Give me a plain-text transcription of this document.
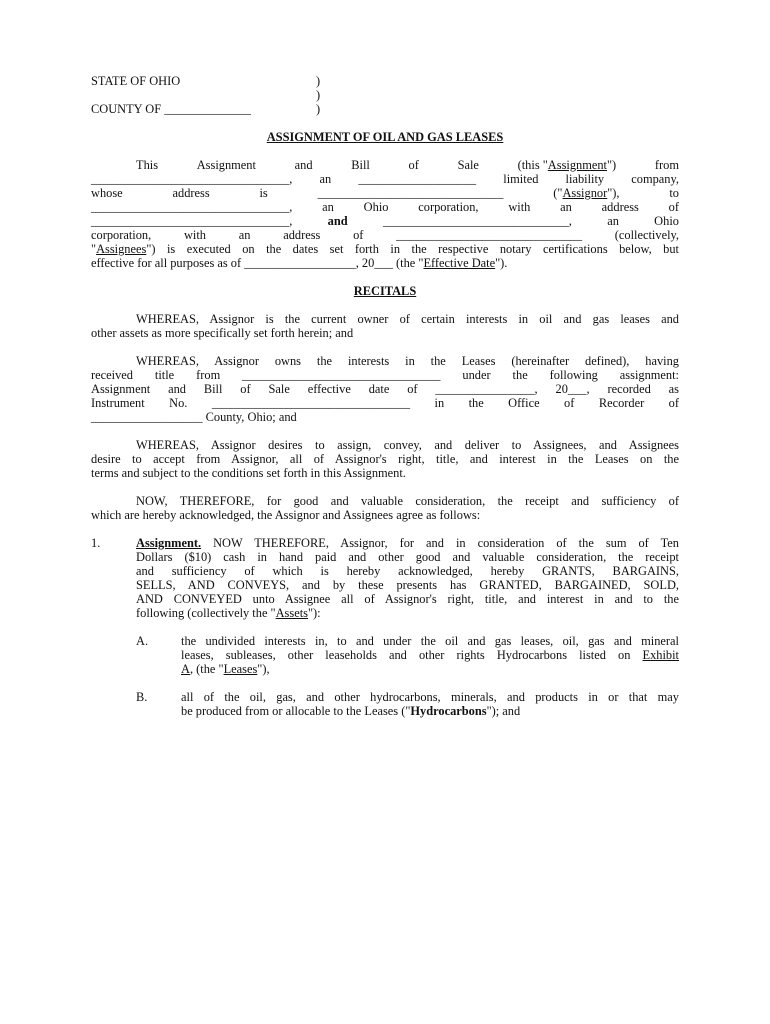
STATE OF OHIO
COUNTY OF ______________
)
)
)
ASSIGNMENT OF OIL AND GAS LEASES
This	Assignment	and	Bill	of	Sale	(this "Assignment")	from
________________________________, an ___________________ limited liability company,
whose address is ______________________________ ("Assignor"), to
________________________________, an Ohio corporation, with an address of
________________________________,	and	______________________________, an Ohio
corporation, with an address of ______________________________ (collectively,
"Assignees") is executed on the dates set forth in the respective notary certifications below, but
effective for all purposes as of __________________, 20___ (the "Effective Date").
RECITALS
WHEREAS, Assignor is the current owner of certain interests in oil and gas leases and
other assets as more specifically set forth herein; and
WHEREAS, Assignor owns the interests in the Leases (hereinafter defined), having
received title from ________________________________ under the following assignment:
Assignment and Bill of Sale effective date of ________________, 20___, recorded as
Instrument No. ________________________________ in the Office of Recorder of
__________________ County, Ohio; and
WHEREAS, Assignor desires to assign, convey, and deliver to Assignees, and Assignees
desire to accept from Assignor, all of Assignor's right, title, and interest in the Leases on the
terms and subject to the conditions set forth in this Assignment.
NOW, THEREFORE, for good and valuable consideration, the receipt and sufficiency of
which are hereby acknowledged, the Assignor and Assignees agree as follows:
1.	Assignment. NOW THEREFORE, Assignor, for and in consideration of the sum of Ten
Dollars ($10) cash in hand paid and other good and valuable consideration, the receipt
and sufficiency of which is hereby acknowledged, hereby GRANTS, BARGAINS,
SELLS, AND CONVEYS, and by these presents has GRANTED, BARGAINED, SOLD,
AND CONVEYED unto Assignee all of Assignor's right, title, and interest in and to the
following (collectively the "Assets"):
A.	the undivided interests in, to and under the oil and gas leases, oil, gas and mineral
leases, subleases, other leaseholds and other rights Hydrocarbons listed on Exhibit
A, (the "Leases"),
B.	all of the oil, gas, and other hydrocarbons, minerals, and products in or that may
be produced from or allocable to the Leases ("Hydrocarbons"); and
